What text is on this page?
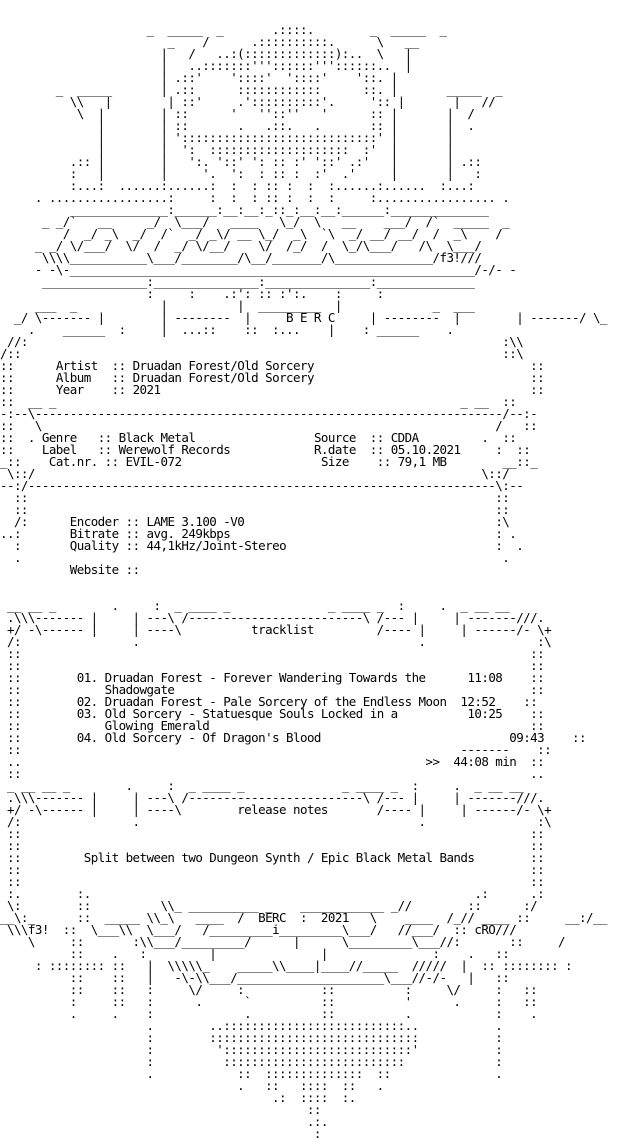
_  _____  _       .::::.        _  _____  _
_    /      .::::::::::.      \   __
|   /   ..:(:::::::::::::):..  \   |
|   ..:::::::'''::::::'''::::::..  |
| .::'    '::::'  '::::'    '::. |
_  _____       | .::      ::::::::::::      ::. |       _____  _
\\   |        | ::'     .'::::::::::'.     ':: |       |   //
\  |        | ::      '   ''::''   '      :: |       |  /
|        | ::       .   .::.   .       :: |       |  .
|        | '::::::::::::::::::::::::::::' |       |
|        |  ':  ::::::::::::::::::::  :'  |       |
.:: |        |   ':. '::' ': :: :' '::' .:'   |       | .::
:   |        |     '.  ':  : :: :  :'  .'     |       |   :
:...:  ......:......:  :  : :: :  :  :......:......  :...:
. .................:     :  :  : :: :  :  :     :................. .
______________:______:__:__:_::_:__:__:______:______________
_ _/`   __     _/  \___/   ____   \_/  \   __    ___/  /`  _____  _
/  _/ _\  _/  /`  _/ _\/ __ \_/  _\  `\  _/ __/ __/  /  _\    /
_ _/ \/___/  \/  /  _/ \/__/    \/  /_/  /  \_/\___/   /\  \___/
\\\\___________\___/________/\__/_______/\______________/f3!///
- -\-__________________________________________________________/-/- -
_______________:_______________:_______________:______________
:     :    .:': :: :':.    :     :
___  _            |          |  _________  |             _  ___
_/ \------- |        | --------  |     B E R C     | --------  |        | -------/ \_
.    ______  :     |  ...::    ::  :...    |    : ______    .
//:                                                                    :\\
/::                                                                     ::\
::      Artist :: Druadan Forest/Old Sorcery                               ::
::      Album :: Druadan Forest/Old Sorcery                               ::
::      Year :: 2021                                                     ::
::  __ _                                                          _ __  ::
-:--\-------------------------------------------------------------------/--:-
::   \                                                                 /   ::
::  . Genre :: Black Metal	Source :: CDDA         .  ::
::    Label :: Werewolf Records	R.date :: 05.10.2021     :  ::
_::    Cat.nr. :: EVIL-072	Size :: 79,1 MB        __::_
\::/                                                                \::/
--:/-------------------------------------------------------------------\:--
::                                                                   ::
::                                                                   ::
/:      Encoder :: LAME 3.100 -V0                                    :\
..:       Bitrate :: avg. 249kbps                                      : .
:       Quality :: 44,1kHz/Joint-Stereo                              :  .
.                                                                     .
Website ::

__ __ _        .     :  _ ____ _              _ ____ _  :     .  _ __ __
.\\\------- |     | ---\ /-------------------------\ /--- |     | -------///.
+/ -\------ |     | ----\          tracklist         /---- |     | ------/- \+
/:                .                                        .                :\
::                                                                         ::
::                                                                         ::
::        01. Druadan Forest - Forever Wandering Towards the	11:08    ::
::            Shadowgate                                                   ::
::        02. Druadan Forest - Pale Sorcery of the Endless Moon 12:52    ::
::        03. Old Sorcery - Statuesque Souls Locked in a	10:25    ::
::            Glowing Emerald                                              ::
::        04. Old Sorcery - Of Dragon's Blood	09:43    ::
::                                                               -------    ::
..                                                          >> 44:08 min  ::
::                                                                         ..
_ __ __ _        .     :  _ ____ _              _ ____ _  :     .  _ __ __
.\\\------- |     | ---\ /-------------------------\ /--- |     | -------///.
+/ -\------ |     | ----\        release notes       /---- |     | ------/- \+
/:                .                                        .                :\
::                                                                         ::
::                                                                         ::
::         Split between two Dungeon Synth / Epic Black Metal Bands        ::
::                                                                         ::
::                                                                         ::
:.        :.                                                       .:      .:
\:        ::          \\_ __________ _    ____________ _//        ::      :/
__\:_      ::  _____ \\_\   ____  /  BERC  :  2021   \    ____  /_// ____ ::     __:/__
\\\f3!  ::  \___\\  \___/   /_________i_________\___/   //___/  :: cRO///
\     ::       :\\___/_________/      |      \_________\___//:       ::     /
::    .   :         |               |               :    .   ::
: :::::::: ::   |  \\\\\_    _____\\____|____//_____  /////  |  :: :::::::: :
::    ::   |   -\-\\___/_____________________\___//-/-   |   ::
::    ::   :     \/     :           ::          :     \/     :   ::
:     ::   :      .      `          ::          '      .     :   ::
.     .    :             .          ::          .            :    .
.        ..::::::::::::::::::::::::::..           .
:        ::::::::::::::::::::::::::::::           :
:         ':::::::::::::::::::::::::::'           :
:          ::::::::::::::::::::::::::             :
.            ::  ::::::::::::::  ::               .
.   ::   ::::  ::   .
.:  ::::  :.
::
.:.
:
